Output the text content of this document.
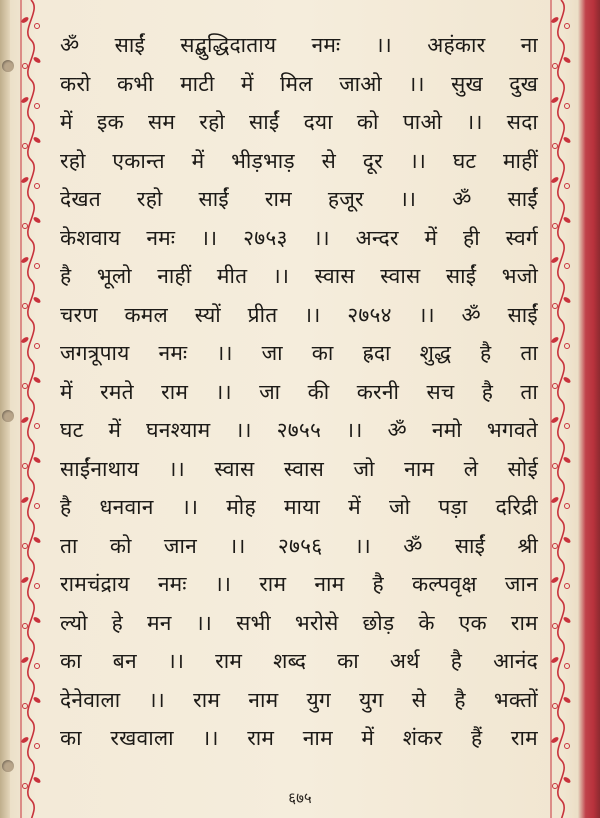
ॐ साईं सद्बुद्धिदाताय नमः ।। अहंकार ना
करो कभी माटी में मिल जाओ ।। सुख दुख
में इक सम रहो साईं दया को पाओ ।। सदा
रहो एकान्त में भीड़भाड़ से दूर ।। घट माहीं
देखत रहो साईं राम हजूर ।। ॐ साईं
केशवाय नमः ।। २७५३ ।। अन्दर में ही स्वर्ग
है भूलो नाहीं मीत ।। स्वास स्वास साईं भजो
चरण कमल स्यों प्रीत ।। २७५४ ।। ॐ साईं
जगत्रूपाय नमः ।। जा का ह्रदा शुद्ध है ता
में रमते राम ।। जा की करनी सच है ता
घट में घनश्याम ।। २७५५ ।। ॐ नमो भगवते
साईंनाथाय ।। स्वास स्वास जो नाम ले सोई
है धनवान ।। मोह माया में जो पड़ा दरिद्री
ता को जान ।। २७५६ ।। ॐ साईं श्री
रामचंद्राय नमः ।। राम नाम है कल्पवृक्ष जान
ल्यो हे मन ।। सभी भरोसे छोड़ के एक राम
का बन ।। राम शब्द का अर्थ है आनंद
देनेवाला ।। राम नाम युग युग से है भक्तों
का रखवाला ।। राम नाम में शंकर हैं राम
६७५
